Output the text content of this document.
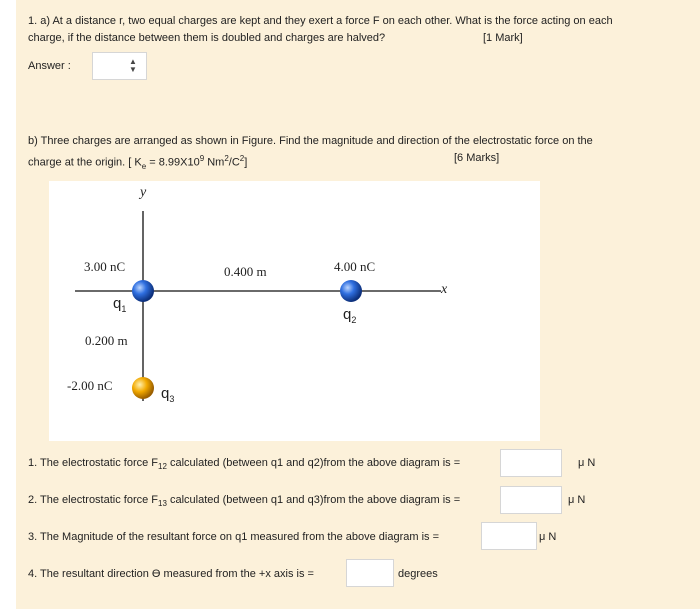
1. a) At a distance r, two equal charges are kept and they exert a force F on each other. What is the force acting on each
charge, if the distance between them is doubled and charges are halved?	[1 Mark]
Answer :	▲
▼
b) Three charges are arranged as shown in Figure. Find the magnitude and direction of the electrostatic force on the
charge at the origin. [ $K_e = 8.99X10^9$ $Nm^2/C^2$]	[6 Marks]
y
x
3.00 nC	0.400 m	4.00 nC
$q_1$	$q_2$
0.200 m
-2.00 nC	$q_3$
1. The electrostatic force $F_{12}$ calculated (between q1 and q2)from the above diagram is =	μ N
2. The electrostatic force $F_{13}$ calculated (between q1 and q3)from the above diagram is =	μ N
3. The Magnitude of the resultant force on q1 measured from the above diagram is =	μ N
4. The resultant direction ϴ measured from the +x axis is =	degrees
